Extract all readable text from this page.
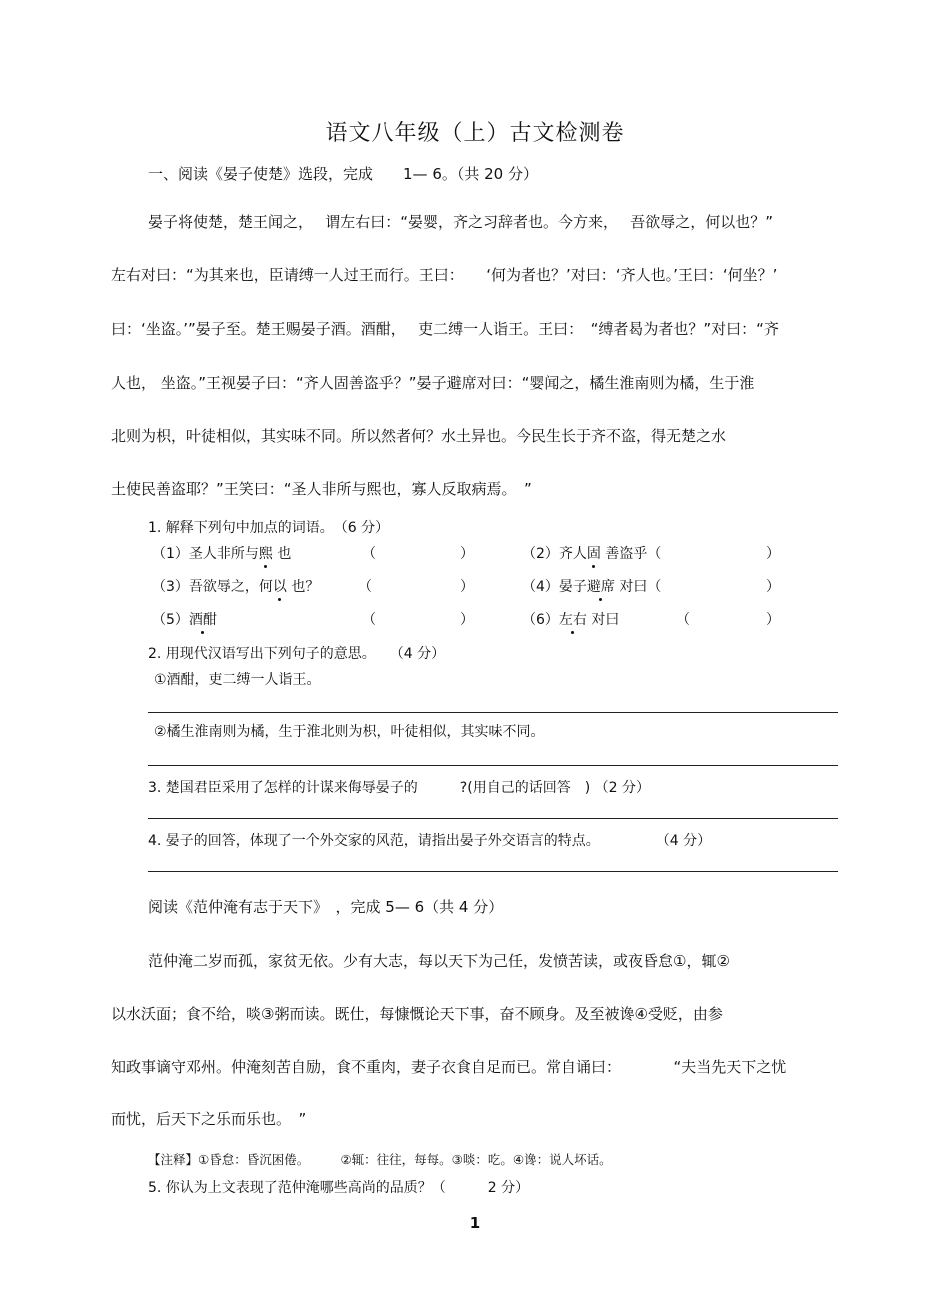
语文八年级（上）古文检测卷
一、阅读《晏子使楚》选段，完成　　1— 6。（共 20 分）
晏子将使楚，楚王闻之，　 谓左右曰：“晏婴，齐之习辞者也。今方来，　 吾欲辱之，何以也？”
左右对曰：“为其来也，臣请缚一人过王而行。王曰：　　‘何为者也？’对曰：‘齐人也。’王曰：‘何坐？’
曰：‘坐盗。’”晏子至。楚王赐晏子酒。酒酣，　 吏二缚一人诣王。王曰：　“缚者曷为者也？”对曰：“齐
人也， 坐盗。”王视晏子曰：“齐人固善盗乎？”晏子避席对曰：“婴闻之，橘生淮南则为橘，生于淮
北则为枳，叶徒相似，其实味不同。所以然者何？水土异也。今民生长于齐不盗，得无楚之水
土使民善盗耶？”王笑曰：“圣人非所与熙也，寡人反取病焉。　”
1. 解释下列句中加点的词语。　（6 分）
（1）圣人非所与熙 也	（	）	（2）齐人固 善盗乎（	）
（3）吾欲辱之，何以 也？	（	）	（4）晏子避席 对曰（	）
（5）酒酣	（	）	（6）左右 对曰	（	）
2. 用现代汉语写出下列句子的意思。　　（4 分）
①酒酣，吏二缚一人诣王。
②橘生淮南则为橘，生于淮北则为枳，叶徒相似，其实味不同。
3. 楚国君臣采用了怎样的计谋来侮辱晏子的　　　?(用自己的话回答　) （2 分）
4. 晏子的回答，体现了一个外交家的风范，请指出晏子外交语言的特点。　　　　　（4 分）
阅读《范仲淹有志于天下》　，完成 5— 6（共 4 分）
范仲淹二岁而孤，家贫无依。少有大志，每以天下为己任，发愤苦读，或夜昏怠①，辄②
以水沃面；食不给，啖③粥而读。既仕，每慷慨论天下事，奋不顾身。及至被谗④受贬，由参
知政事谪守邓州。仲淹刻苦自励，食不重肉，妻子衣食自足而已。常自诵曰：　　　　“夫当先天下之忧
而忧，后天下之乐而乐也。　”
【注释】①昏怠：昏沉困倦。　　　②辄：往往，每每。③啖：吃。④谗：说人坏话。
5. 你认为上文表现了范仲淹哪些高尚的品质？（　　　2 分）
1
